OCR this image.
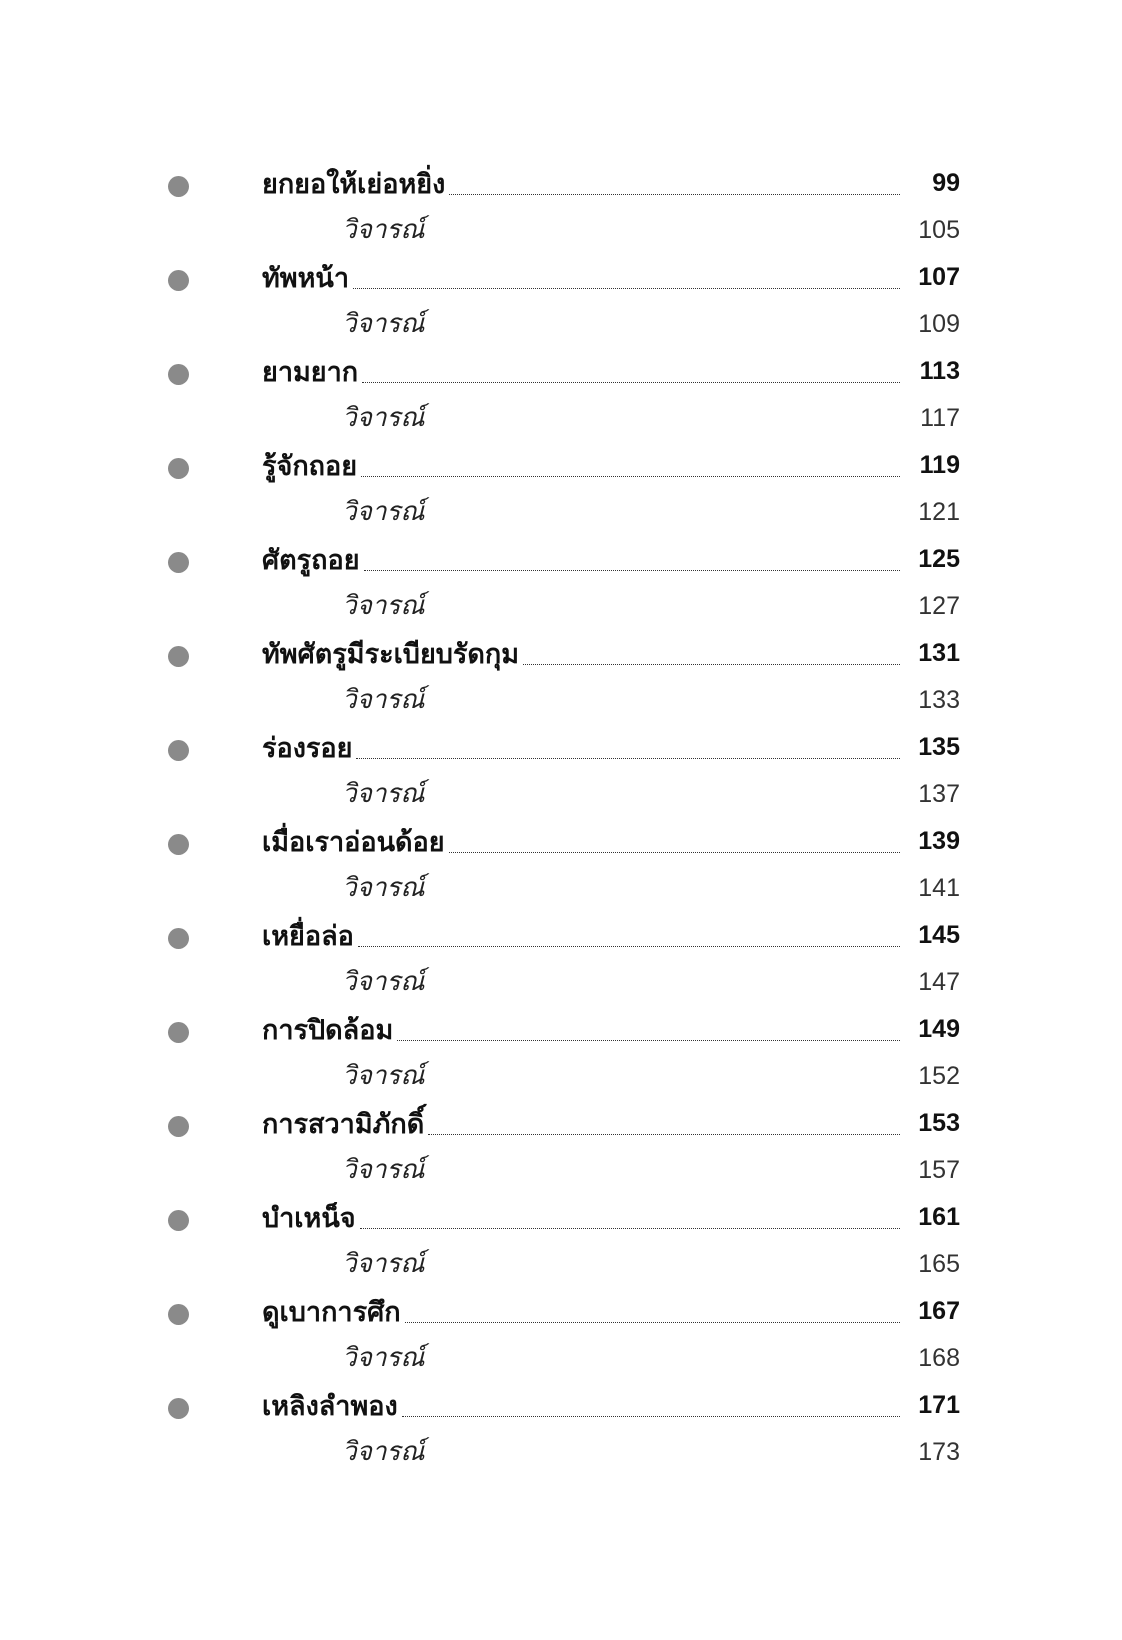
ยกยอให้เย่อหยิ่ง	99
วิจารณ์	105
ทัพหน้า	107
วิจารณ์	109
ยามยาก	113
วิจารณ์	117
รู้จักถอย	119
วิจารณ์	121
ศัตรูถอย	125
วิจารณ์	127
ทัพศัตรูมีระเบียบรัดกุม	131
วิจารณ์	133
ร่องรอย	135
วิจารณ์	137
เมื่อเราอ่อนด้อย	139
วิจารณ์	141
เหยื่อล่อ	145
วิจารณ์	147
การปิดล้อม	149
วิจารณ์	152
การสวามิภักดิ์	153
วิจารณ์	157
บำเหน็จ	161
วิจารณ์	165
ดูเบาการศึก	167
วิจารณ์	168
เหลิงลำพอง	171
วิจารณ์	173
